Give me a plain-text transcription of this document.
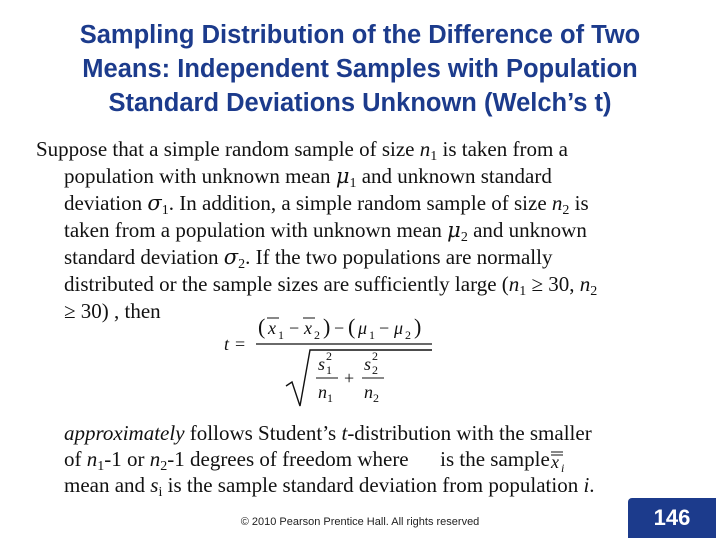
Sampling Distribution of the Difference of Two
Means: Independent Samples with Population
Standard Deviations Unknown (Welch’s t)
Suppose that a simple random sample of size $n_1$ is taken from a
population with unknown mean $\mu_1$ and unknown standard
deviation $\sigma_1$. In addition, a simple random sample of size $n_2$ is
taken from a population with unknown mean $\mu_2$ and unknown
standard deviation $\sigma_2$. If the two populations are normally
distributed or the sample sizes are sufficiently large ($n_1 \ge 30$, $n_2$
≥ 30) , then
t =
( x 1 − x 2 ) − ( μ 1 − μ 2 )
s 2
1
n 1
+
s 2
2
n 2
approximately follows Student’s t-distribution with the smaller
of $n_1-1$ or $n_2-1$ degrees of freedom where is the sample
mean and $s_i$ is the sample standard deviation from population i.
x i
© 2010 Pearson Prentice Hall. All rights reserved	146
